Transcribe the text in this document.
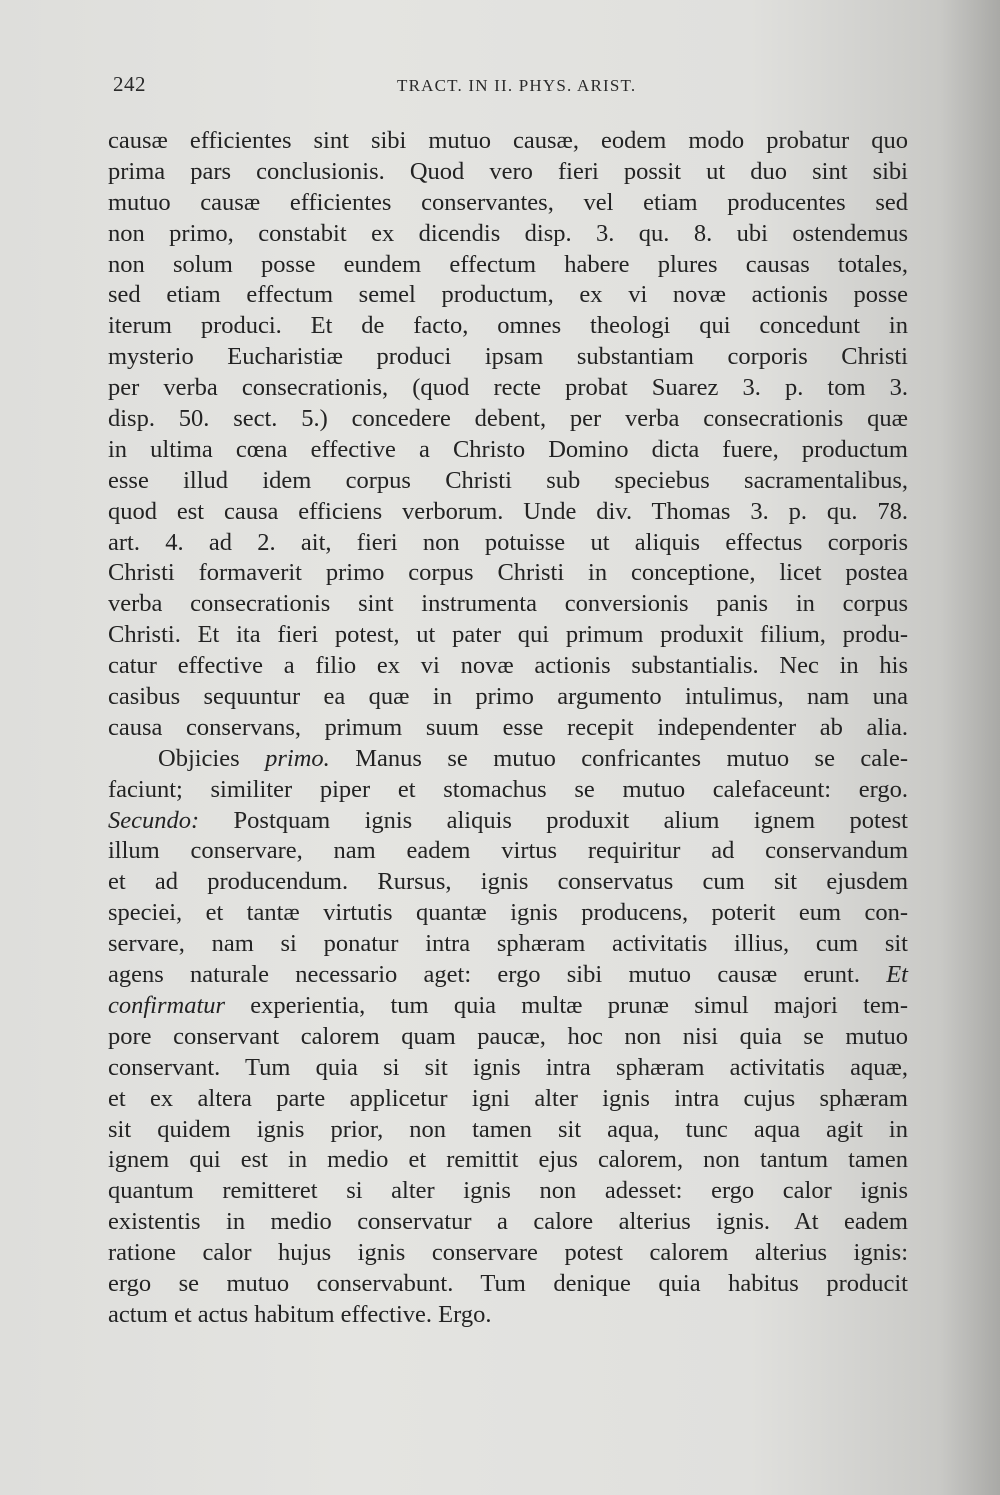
242	TRACT. IN II. PHYS. ARIST.
causæ efficientes sint sibi mutuo causæ, eodem modo probatur quo
prima pars conclusionis. Quod vero fieri possit ut duo sint sibi
mutuo causæ efficientes conservantes, vel etiam producentes sed
non primo, constabit ex dicendis disp. 3. qu. 8. ubi ostendemus
non solum posse eundem effectum habere plures causas totales,
sed etiam effectum semel productum, ex vi novæ actionis posse
iterum produci. Et de facto, omnes theologi qui concedunt in
mysterio Eucharistiæ produci ipsam substantiam corporis Christi
per verba consecrationis, (quod recte probat Suarez 3. p. tom 3.
disp. 50. sect. 5.) concedere debent, per verba consecrationis quæ
in ultima cœna effective a Christo Domino dicta fuere, productum
esse illud idem corpus Christi sub speciebus sacramentalibus,
quod est causa efficiens verborum. Unde div. Thomas 3. p. qu. 78.
art. 4. ad 2. ait, fieri non potuisse ut aliquis effectus corporis
Christi formaverit primo corpus Christi in conceptione, licet postea
verba consecrationis sint instrumenta conversionis panis in corpus
Christi. Et ita fieri potest, ut pater qui primum produxit filium, produ-
catur effective a filio ex vi novæ actionis substantialis. Nec in his
casibus sequuntur ea quæ in primo argumento intulimus, nam una
causa conservans, primum suum esse recepit independenter ab alia.
Objicies primo. Manus se mutuo confricantes mutuo se cale-
faciunt; similiter piper et stomachus se mutuo calefaceunt: ergo.
Secundo: Postquam ignis aliquis produxit alium ignem potest
illum conservare, nam eadem virtus requiritur ad conservandum
et ad producendum. Rursus, ignis conservatus cum sit ejusdem
speciei, et tantæ virtutis quantæ ignis producens, poterit eum con-
servare, nam si ponatur intra sphæram activitatis illius, cum sit
agens naturale necessario aget: ergo sibi mutuo causæ erunt. Et
confirmatur experientia, tum quia multæ prunæ simul majori tem-
pore conservant calorem quam paucæ, hoc non nisi quia se mutuo
conservant. Tum quia si sit ignis intra sphæram activitatis aquæ,
et ex altera parte applicetur igni alter ignis intra cujus sphæram
sit quidem ignis prior, non tamen sit aqua, tunc aqua agit in
ignem qui est in medio et remittit ejus calorem, non tantum tamen
quantum remitteret si alter ignis non adesset: ergo calor ignis
existentis in medio conservatur a calore alterius ignis. At eadem
ratione calor hujus ignis conservare potest calorem alterius ignis:
ergo se mutuo conservabunt. Tum denique quia habitus producit
actum et actus habitum effective. Ergo.
